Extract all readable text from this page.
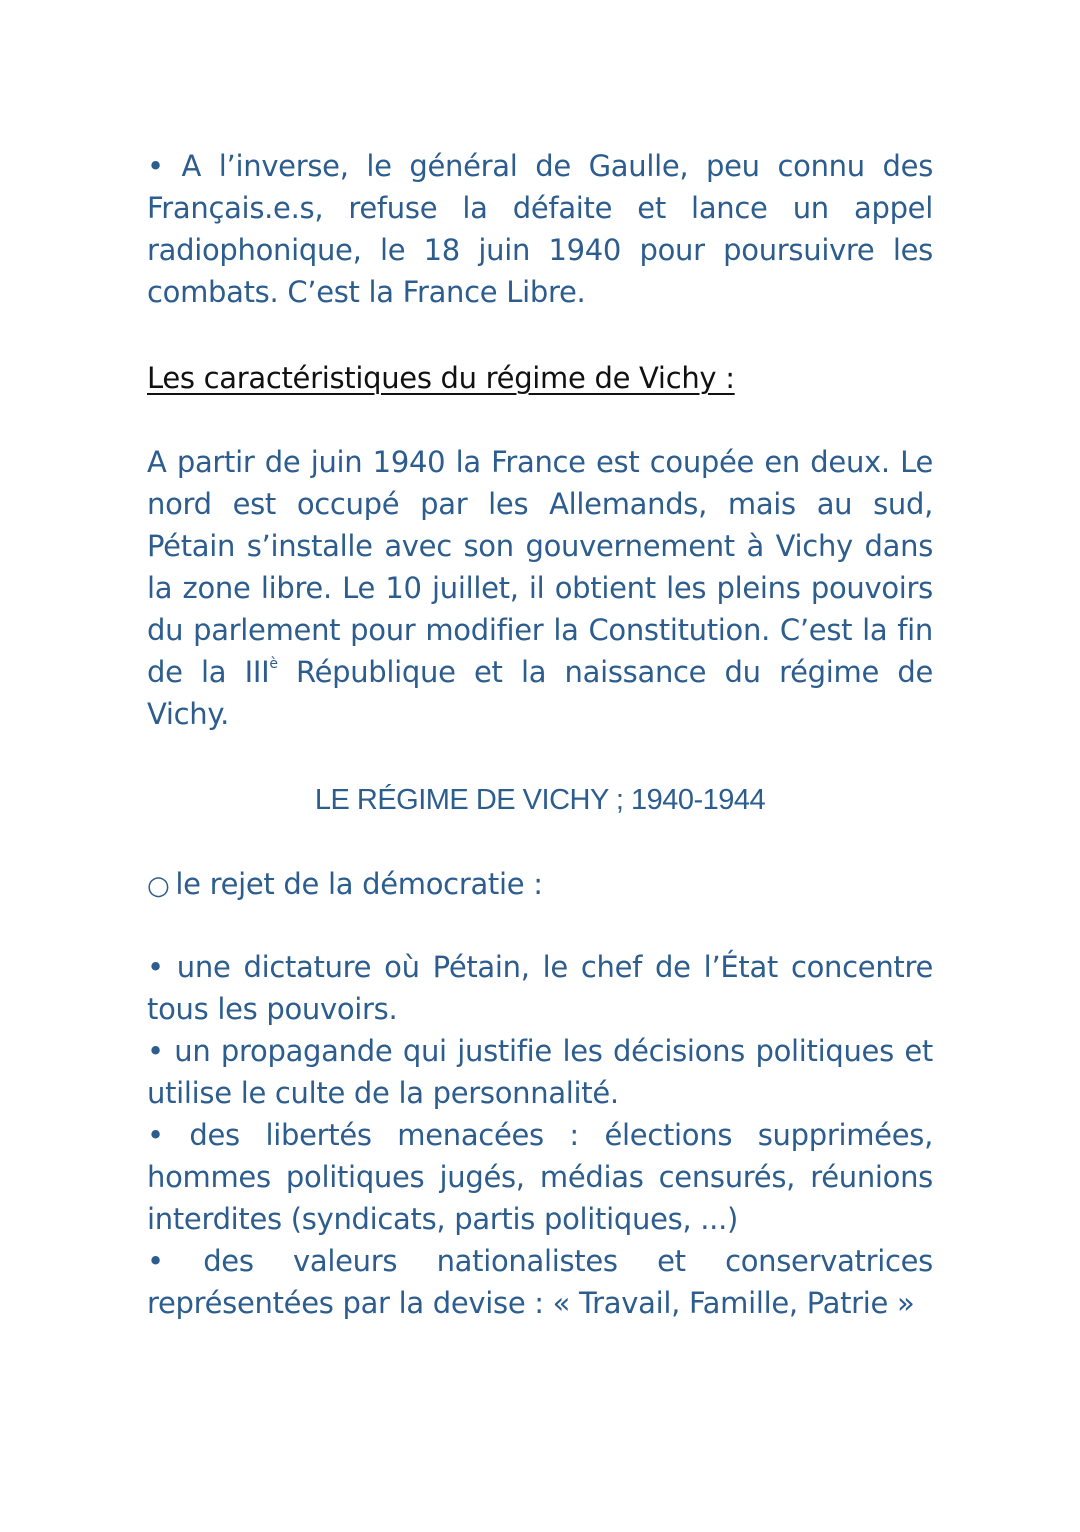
• A l’inverse, le général de Gaulle, peu connu des Français.e.s, refuse la défaite et lance un appel radiophonique, le 18 juin 1940 pour poursuivre les combats. C’est la France Libre.

Les caractéristiques du régime de Vichy :

A partir de juin 1940 la France est coupée en deux. Le nord est occupé par les Allemands, mais au sud, Pétain s’installe avec son gouvernement à Vichy dans la zone libre. Le 10 juillet, il obtient les pleins pouvoirs du parlement pour modifier la Constitution. C’est la fin de la $III^è$ République et la naissance du régime de Vichy.

LE RÉGIME DE VICHY ; 1940-1944
○ le rejet de la démocratie :

• une dictature où Pétain, le chef de l’État concentre tous les pouvoirs.

• un propagande qui justifie les décisions politiques et utilise le culte de la personnalité.

• des libertés menacées : élections supprimées, hommes politiques jugés, médias censurés, réunions interdites (syndicats, partis politiques, ...)

• des valeurs nationalistes et conservatrices représentées par la devise : « Travail, Famille, Patrie »
